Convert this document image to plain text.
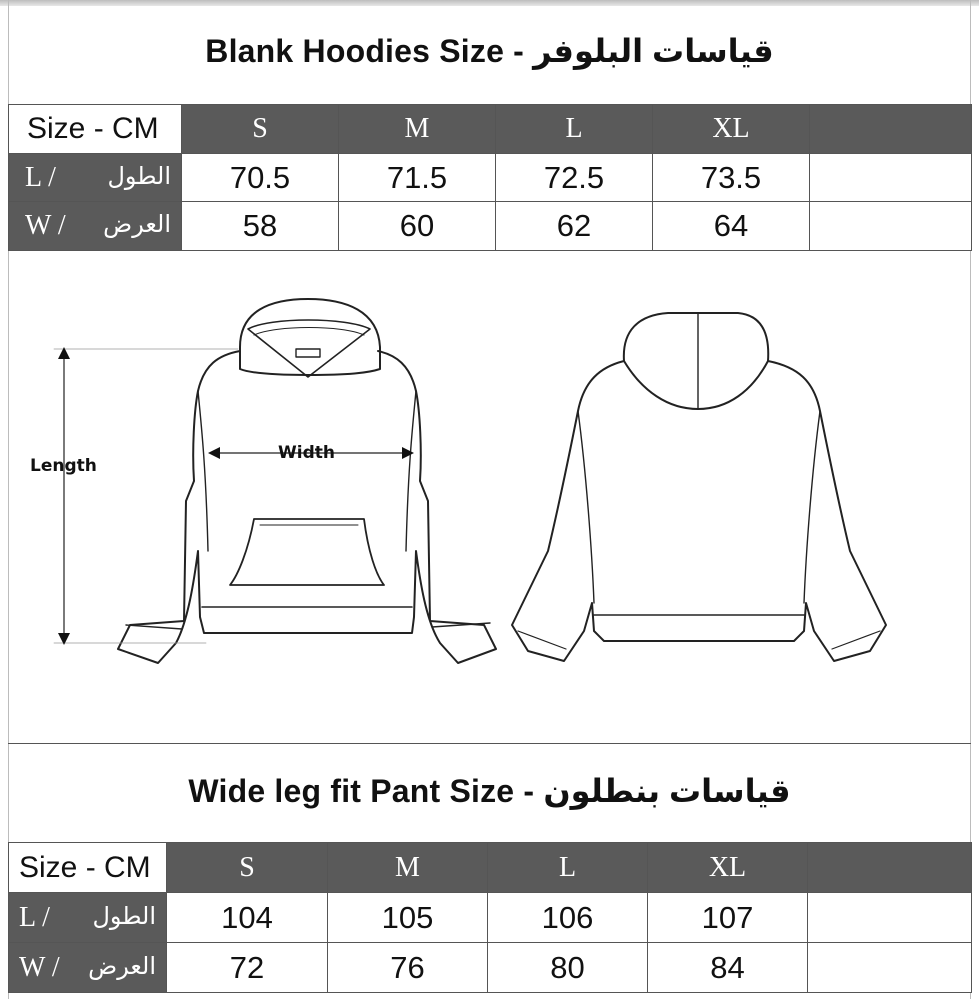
Blank Hoodies Size - قياسات البلوفر
Size - CM	S	M	L	XL	
L / الطول	70.5	71.5	72.5	73.5	
W / العرض	58	60	62	64	
Length
Width
Wide leg fit Pant Size - قياسات بنطلون
Size - CM	S	M	L	XL	
L / الطول	104	105	106	107	
W / العرض	72	76	80	84	
